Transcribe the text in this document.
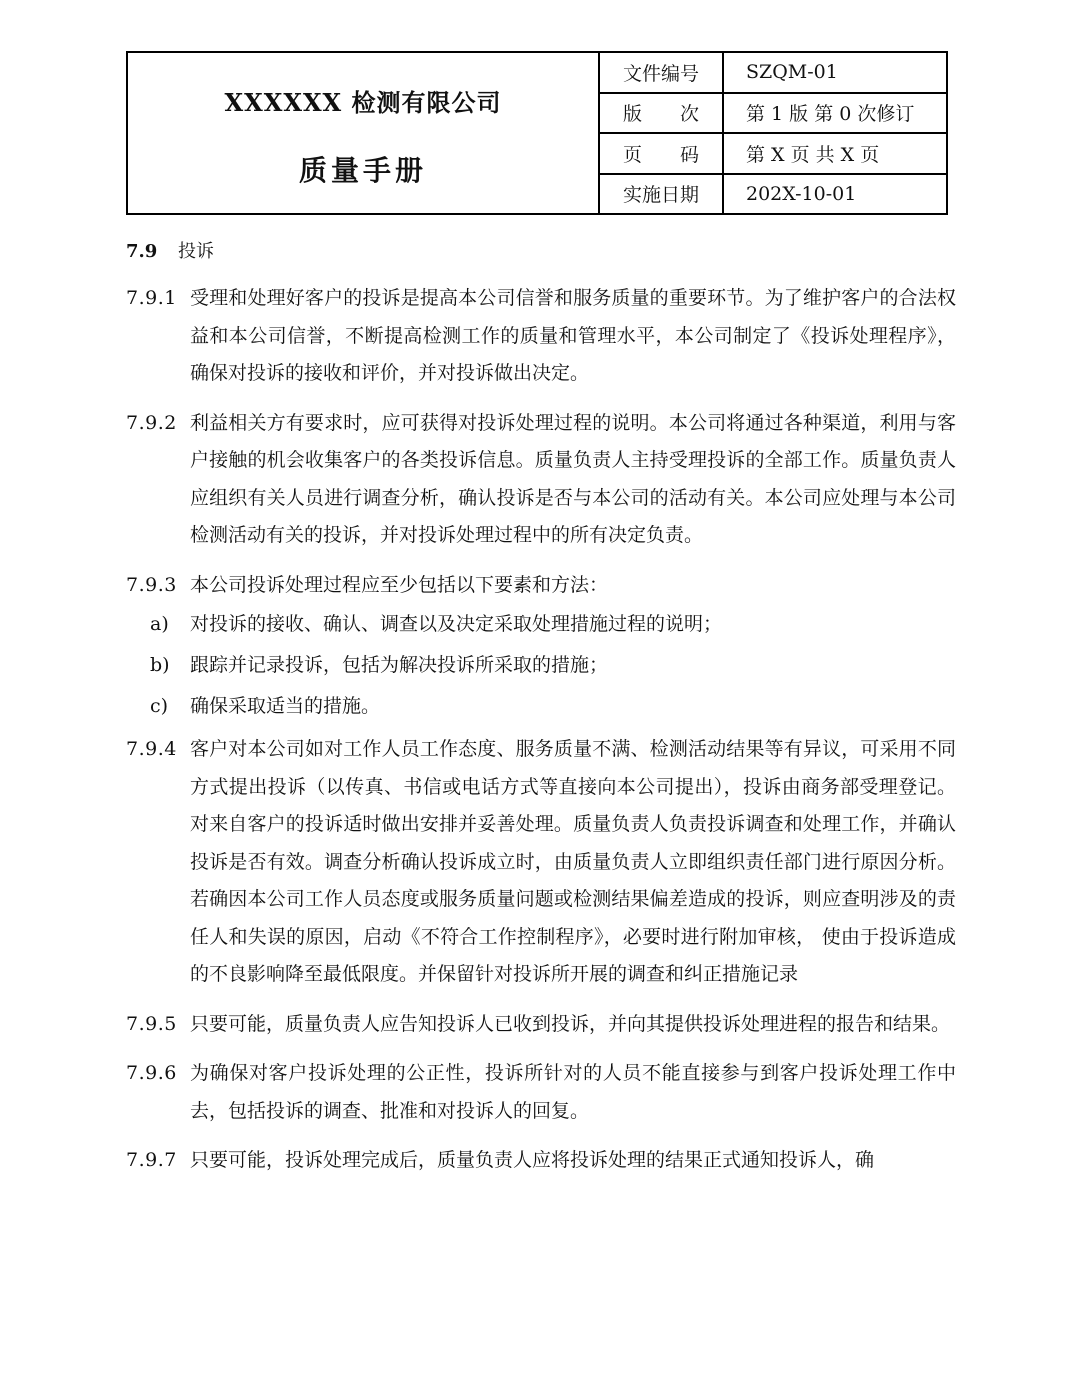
XXXXXX 检测有限公司
质量手册
文件编号	SZQM-01
版　　次	第 1 版 第 0 次修订
页　　码	第 X 页 共 X 页
实施日期	202X-10-01
7.9	投诉
7.9.1 受理和处理好客户的投诉是提高本公司信誉和服务质量的重要环节。为了维护客户的合法权益和本公司信誉，不断提高检测工作的质量和管理水平，本公司制定了《投诉处理程序》，确保对投诉的接收和评价，并对投诉做出决定。
7.9.2 利益相关方有要求时，应可获得对投诉处理过程的说明。本公司将通过各种渠道，利用与客户接触的机会收集客户的各类投诉信息。质量负责人主持受理投诉的全部工作。质量负责人应组织有关人员进行调查分析，确认投诉是否与本公司的活动有关。本公司应处理与本公司检测活动有关的投诉，并对投诉处理过程中的所有决定负责。
7.9.3 本公司投诉处理过程应至少包括以下要素和方法：
a)	对投诉的接收、确认、调查以及决定采取处理措施过程的说明；
b)	跟踪并记录投诉，包括为解决投诉所采取的措施；
c)	确保采取适当的措施。
7.9.4 客户对本公司如对工作人员工作态度、服务质量不满、检测活动结果等有异议，可采用不同方式提出投诉（以传真、书信或电话方式等直接向本公司提出），投诉由商务部受理登记。对来自客户的投诉适时做出安排并妥善处理。质量负责人负责投诉调查和处理工作，并确认投诉是否有效。调查分析确认投诉成立时，由质量负责人立即组织责任部门进行原因分析。若确因本公司工作人员态度或服务质量问题或检测结果偏差造成的投诉，则应查明涉及的责任人和失误的原因，启动《不符合工作控制程序》，必要时进行附加审核， 使由于投诉造成的不良影响降至最低限度。并保留针对投诉所开展的调查和纠正措施记录
7.9.5 只要可能，质量负责人应告知投诉人已收到投诉，并向其提供投诉处理进程的报告和结果。
7.9.6 为确保对客户投诉处理的公正性，投诉所针对的人员不能直接参与到客户投诉处理工作中去，包括投诉的调查、批准和对投诉人的回复。
7.9.7 只要可能，投诉处理完成后，质量负责人应将投诉处理的结果正式通知投诉人，确
